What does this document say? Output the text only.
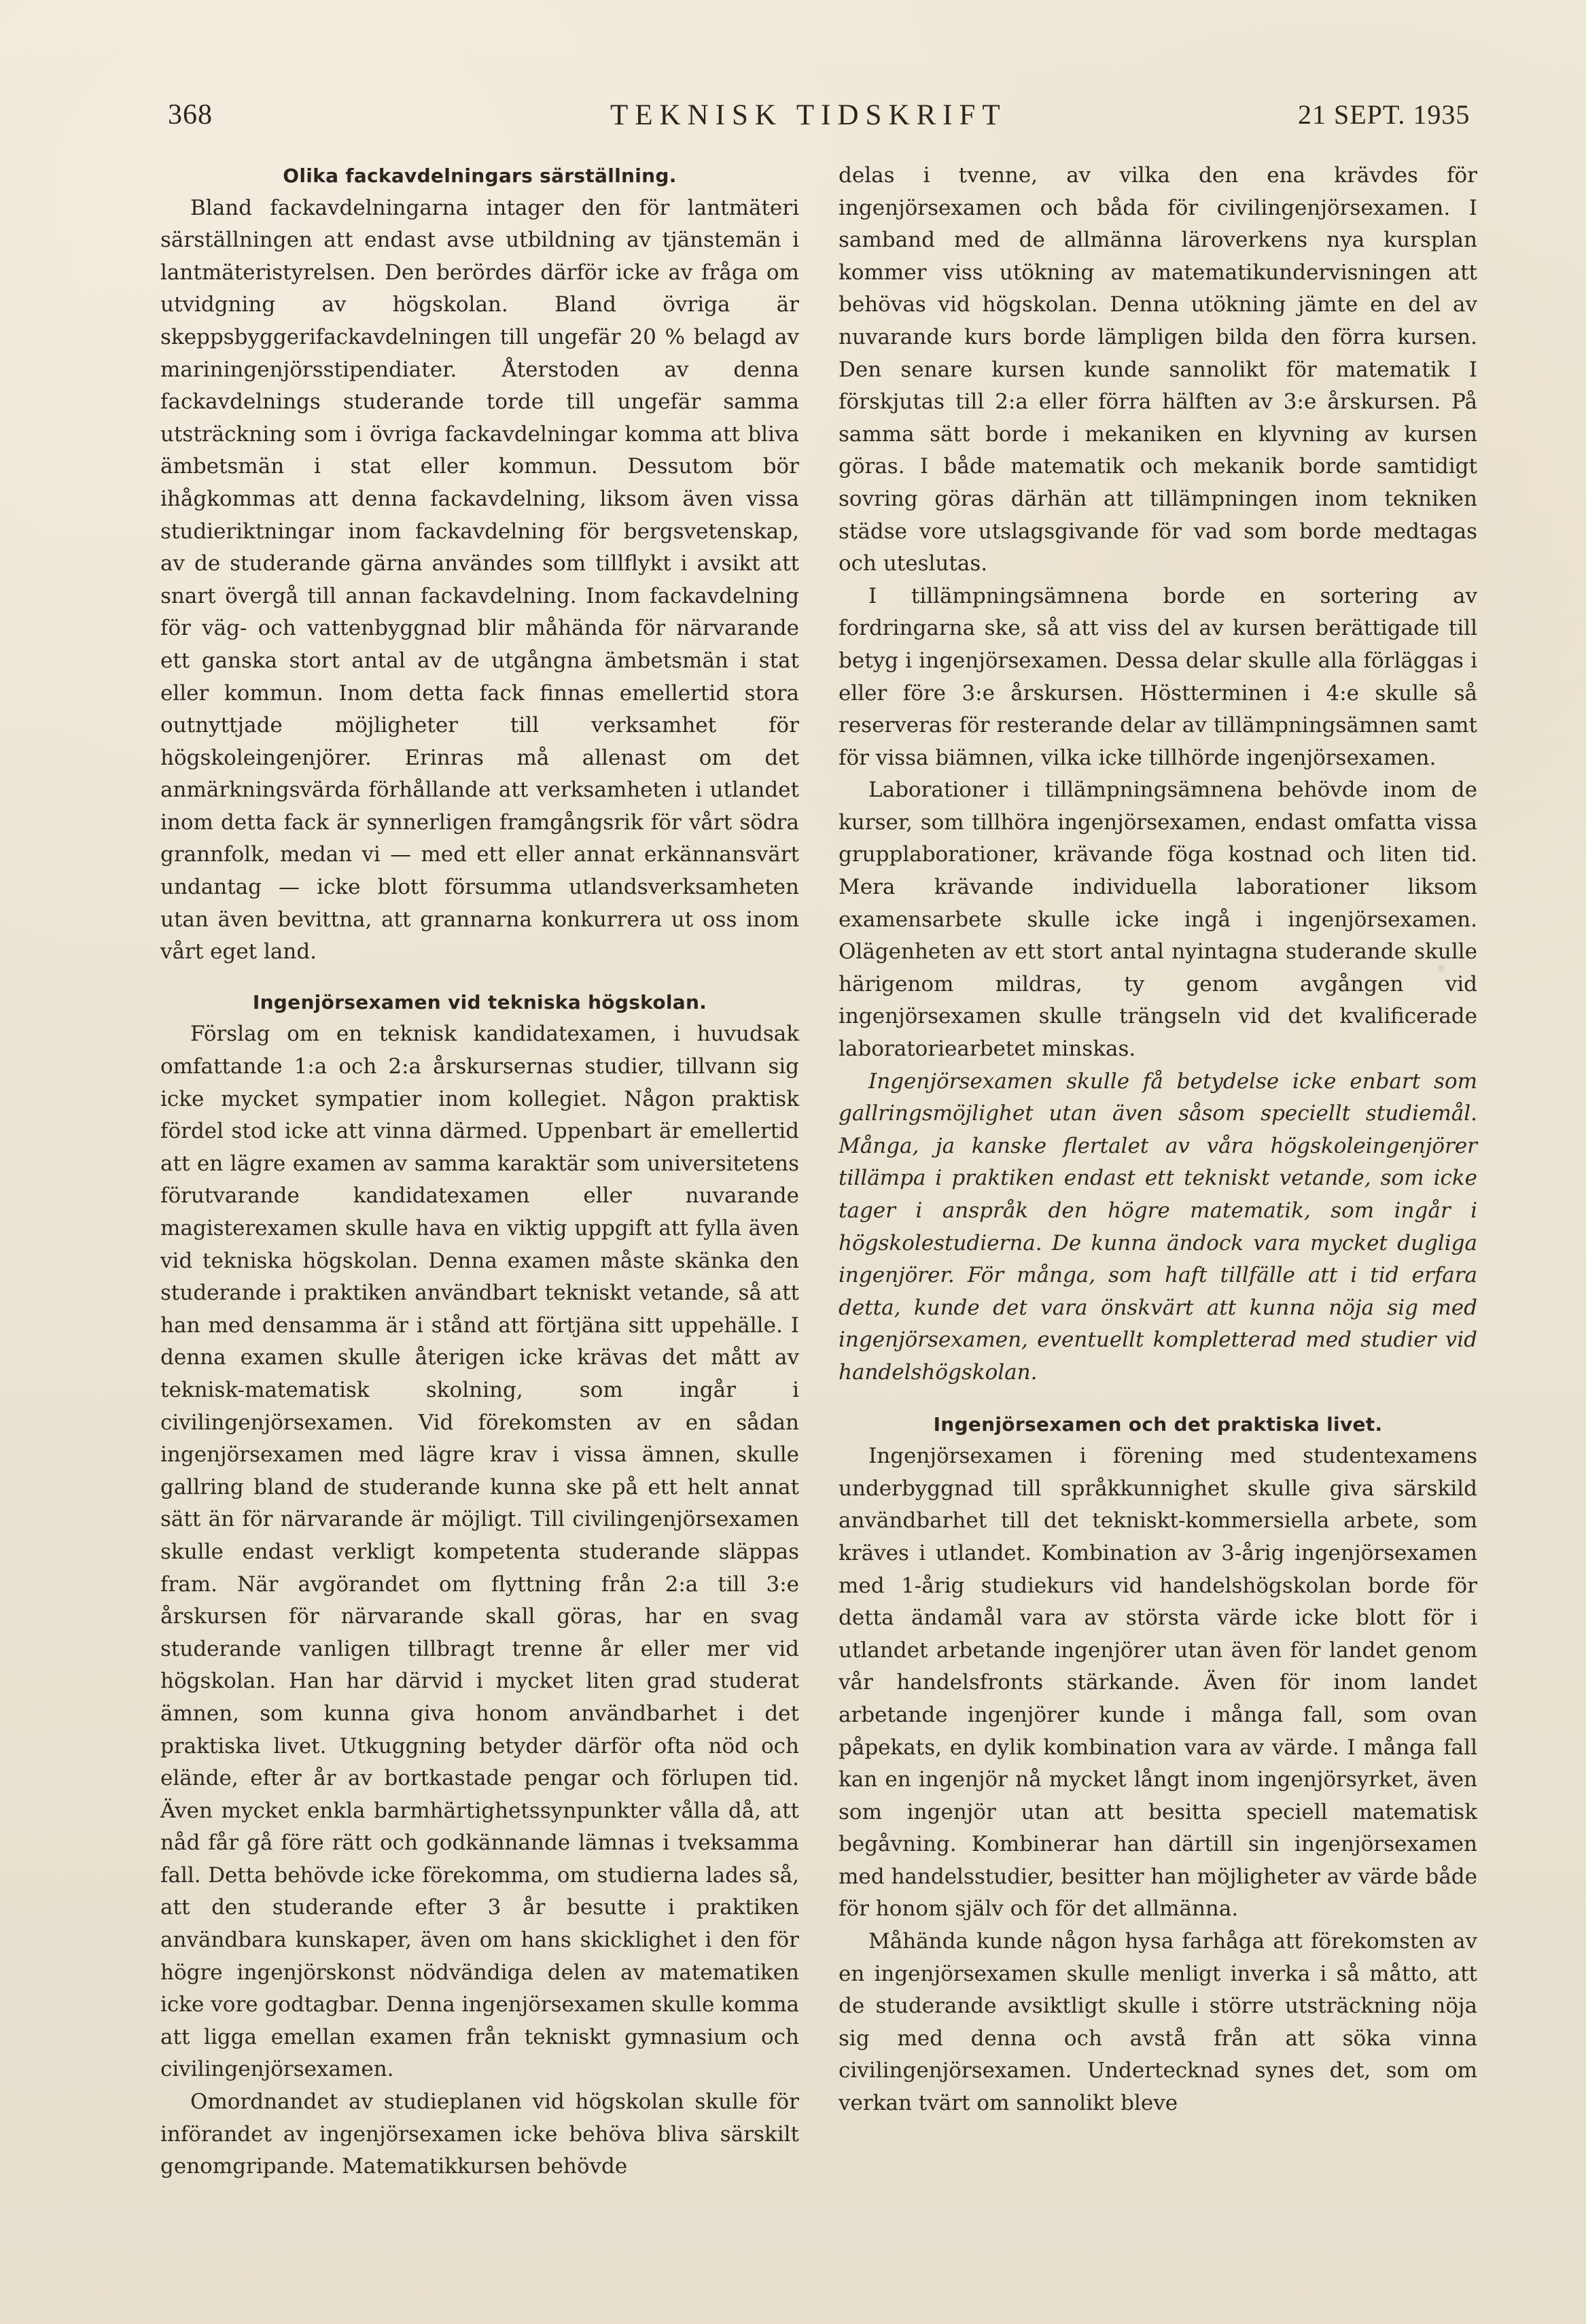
368	TEKNISK TIDSKRIFT	21 SEPT. 1935
Olika fackavdelningars särställning.

Bland fackavdelningarna intager den för lantmäteri särställningen att endast avse utbildning av tjänstemän i lantmäteristyrelsen. Den berördes därför icke av fråga om utvidgning av högskolan. Bland övriga är skeppsbyggerifackavdelningen till ungefär 20 % belagd av mariningenjörsstipendiater. Återstoden av denna fackavdelnings studerande torde till ungefär samma utsträckning som i övriga fackavdelningar komma att bliva ämbetsmän i stat eller kommun. Dessutom bör ihågkommas att denna fackavdelning, liksom även vissa studieriktningar inom fackavdelning för bergsvetenskap, av de studerande gärna användes som tillflykt i avsikt att snart övergå till annan fackavdelning. Inom fackavdelning för väg- och vattenbyggnad blir måhända för närvarande ett ganska stort antal av de utgångna ämbetsmän i stat eller kommun. Inom detta fack finnas emellertid stora outnyttjade möjligheter till verksamhet för högskoleingenjörer. Erinras må allenast om det anmärkningsvärda förhållande att verksamheten i utlandet inom detta fack är synnerligen framgångsrik för vårt södra grannfolk, medan vi — med ett eller annat erkännansvärt undantag — icke blott försumma utlandsverksamheten utan även bevittna, att grannarna konkurrera ut oss inom vårt eget land.

Ingenjörsexamen vid tekniska högskolan.

Förslag om en teknisk kandidatexamen, i huvudsak omfattande 1:a och 2:a årskursernas studier, tillvann sig icke mycket sympatier inom kollegiet. Någon praktisk fördel stod icke att vinna därmed. Uppenbart är emellertid att en lägre examen av samma karaktär som universitetens förutvarande kandidatexamen eller nuvarande magisterexamen skulle hava en viktig uppgift att fylla även vid tekniska högskolan. Denna examen måste skänka den studerande i praktiken användbart tekniskt vetande, så att han med densamma är i stånd att förtjäna sitt uppehälle. I denna examen skulle återigen icke krävas det mått av teknisk-matematisk skolning, som ingår i civilingenjörsexamen. Vid förekomsten av en sådan ingenjörsexamen med lägre krav i vissa ämnen, skulle gallring bland de studerande kunna ske på ett helt annat sätt än för närvarande är möjligt. Till civilingenjörsexamen skulle endast verkligt kompetenta studerande släppas fram. När avgörandet om flyttning från 2:a till 3:e årskursen för närvarande skall göras, har en svag studerande vanligen tillbragt trenne år eller mer vid högskolan. Han har därvid i mycket liten grad studerat ämnen, som kunna giva honom användbarhet i det praktiska livet. Utkuggning betyder därför ofta nöd och elände, efter år av bortkastade pengar och förlupen tid. Även mycket enkla barmhärtighetssynpunkter vålla då, att nåd får gå före rätt och godkännande lämnas i tveksamma fall. Detta behövde icke förekomma, om studierna lades så, att den studerande efter 3 år besutte i praktiken användbara kunskaper, även om hans skicklighet i den för högre ingenjörskonst nödvändiga delen av matematiken icke vore godtagbar. Denna ingenjörsexamen skulle komma att ligga emellan examen från tekniskt gymnasium och civilingenjörsexamen.

Omordnandet av studieplanen vid högskolan skulle för införandet av ingenjörsexamen icke behöva bliva särskilt genomgripande. Matematikkursen behövde

delas i tvenne, av vilka den ena krävdes för ingenjörsexamen och båda för civilingenjörsexamen. I samband med de allmänna läroverkens nya kursplan kommer viss utökning av matematikundervisningen att behövas vid högskolan. Denna utökning jämte en del av nuvarande kurs borde lämpligen bilda den förra kursen. Den senare kursen kunde sannolikt för matematik I förskjutas till 2:a eller förra hälften av 3:e årskursen. På samma sätt borde i mekaniken en klyvning av kursen göras. I både matematik och mekanik borde samtidigt sovring göras därhän att tillämpningen inom tekniken städse vore utslagsgivande för vad som borde medtagas och uteslutas.

I tillämpningsämnena borde en sortering av fordringarna ske, så att viss del av kursen berättigade till betyg i ingenjörsexamen. Dessa delar skulle alla förläggas i eller före 3:e årskursen. Höstterminen i 4:e skulle så reserveras för resterande delar av tillämpningsämnen samt för vissa biämnen, vilka icke tillhörde ingenjörsexamen.

Laborationer i tillämpningsämnena behövde inom de kurser, som tillhöra ingenjörsexamen, endast omfatta vissa grupplaborationer, krävande föga kostnad och liten tid. Mera krävande individuella laborationer liksom examensarbete skulle icke ingå i ingenjörsexamen. Olägenheten av ett stort antal nyintagna studerande skulle härigenom mildras, ty genom avgången vid ingenjörsexamen skulle trängseln vid det kvalificerade laboratoriearbetet minskas.

Ingenjörsexamen skulle få betydelse icke enbart som gallringsmöjlighet utan även såsom speciellt studiemål. Många, ja kanske flertalet av våra högskoleingenjörer tillämpa i praktiken endast ett tekniskt vetande, som icke tager i anspråk den högre matematik, som ingår i högskolestudierna. De kunna ändock vara mycket dugliga ingenjörer. För många, som haft tillfälle att i tid erfara detta, kunde det vara önskvärt att kunna nöja sig med ingenjörsexamen, eventuellt kompletterad med studier vid handelshögskolan.

Ingenjörsexamen och det praktiska livet.

Ingenjörsexamen i förening med studentexamens underbyggnad till språkkunnighet skulle giva särskild användbarhet till det tekniskt-kommersiella arbete, som kräves i utlandet. Kombination av 3-årig ingenjörsexamen med 1-årig studiekurs vid handelshögskolan borde för detta ändamål vara av största värde icke blott för i utlandet arbetande ingenjörer utan även för landet genom vår handelsfronts stärkande. Även för inom landet arbetande ingenjörer kunde i många fall, som ovan påpekats, en dylik kombination vara av värde. I många fall kan en ingenjör nå mycket långt inom ingenjörsyrket, även som ingenjör utan att besitta speciell matematisk begåvning. Kombinerar han därtill sin ingenjörsexamen med handelsstudier, besitter han möjligheter av värde både för honom själv och för det allmänna.

Måhända kunde någon hysa farhåga att förekomsten av en ingenjörsexamen skulle menligt inverka i så måtto, att de studerande avsiktligt skulle i större utsträckning nöja sig med denna och avstå från att söka vinna civilingenjörsexamen. Undertecknad synes det, som om verkan tvärt om sannolikt bleve
